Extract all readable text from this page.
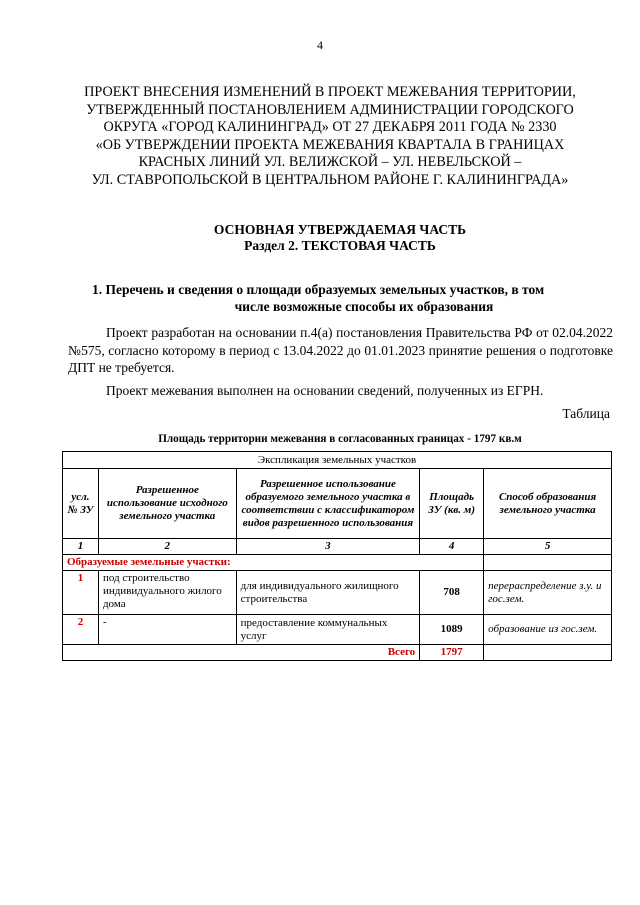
4
ПРОЕКТ ВНЕСЕНИЯ ИЗМЕНЕНИЙ В ПРОЕКТ МЕЖЕВАНИЯ ТЕРРИТОРИИ,
УТВЕРЖДЕННЫЙ ПОСТАНОВЛЕНИЕМ АДМИНИСТРАЦИИ ГОРОДСКОГО
ОКРУГА «ГОРОД КАЛИНИНГРАД» ОТ 27 ДЕКАБРЯ 2011 ГОДА № 2330
«ОБ УТВЕРЖДЕНИИ ПРОЕКТА МЕЖЕВАНИЯ КВАРТАЛА В ГРАНИЦАХ
КРАСНЫХ ЛИНИЙ УЛ. ВЕЛИЖСКОЙ – УЛ. НЕВЕЛЬСКОЙ –
УЛ. СТАВРОПОЛЬСКОЙ В ЦЕНТРАЛЬНОМ РАЙОНЕ Г. КАЛИНИНГРАДА»
ОСНОВНАЯ УТВЕРЖДАЕМАЯ ЧАСТЬ
Раздел 2. ТЕКСТОВАЯ ЧАСТЬ
1. Перечень и сведения о площади образуемых земельных участков, в том
числе возможные способы их образования
Проект разработан на основании п.4(а) постановления Правительства РФ от 02.04.2022 №575, согласно которому в период с 13.04.2022 до 01.01.2023 принятие решения о подготовке ДПТ не требуется.
Проект межевания выполнен на основании сведений, полученных из ЕГРН.
Таблица
Площадь территории межевания в согласованных границах - 1797 кв.м
Экспликация земельных участков				
усл. № ЗУ	Разрешенное использование исходного земельного участка	Разрешенное использование образуемого земельного участка в соответствии с классификатором видов разрешенного использования	Площадь ЗУ (кв. м)	Способ образования земельного участка
1	2	3	4	5
Образуемые земельные участки:				
1	под строительство индивидуального жилого дома	для индивидуального жилищного строительства	708	перераспределение з.у. и гос.зем.
2	-	предоставление коммунальных услуг	1089	образование из гос.зем.
Всего			1797	
